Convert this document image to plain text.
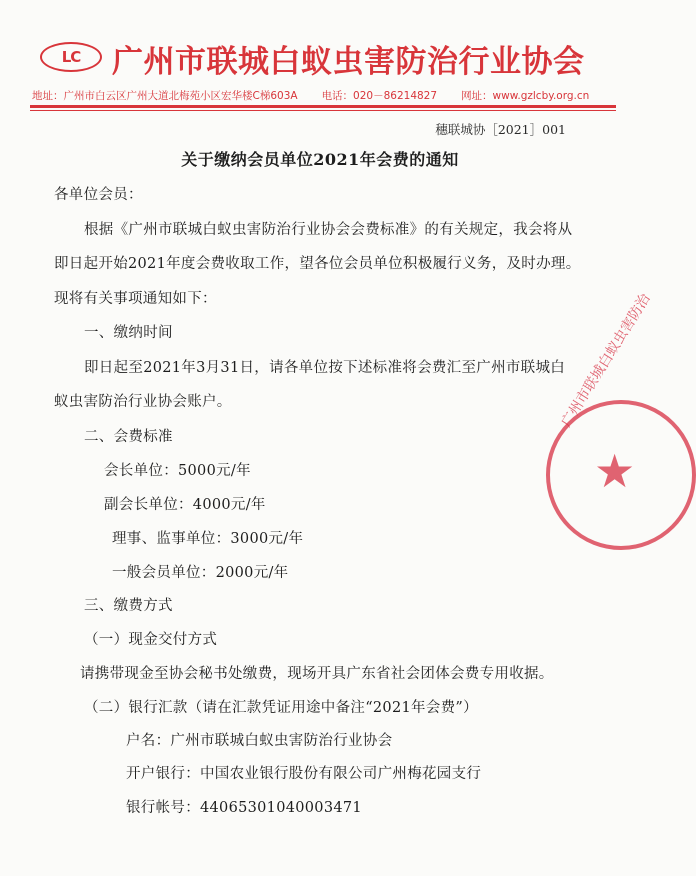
LC 广州市联城白蚁虫害防治行业协会
地址：广州市白云区广州大道北梅苑小区宏华楼C梯603A 电话：020－86214827 网址：www.gzlcby.org.cn
穗联城协［2021］001
关于缴纳会员单位2021年会费的通知
各单位会员：
根据《广州市联城白蚁虫害防治行业协会会费标准》的有关规定，我会将从
即日起开始2021年度会费收取工作，望各位会员单位积极履行义务，及时办理。
现将有关事项通知如下：
一、缴纳时间
即日起至2021年3月31日，请各单位按下述标准将会费汇至广州市联城白
蚁虫害防治行业协会账户。
二、会费标准
会长单位：5000元/年
副会长单位：4000元/年
理事、监事单位：3000元/年
一般会员单位：2000元/年
三、缴费方式
（一）现金交付方式
请携带现金至协会秘书处缴费，现场开具广东省社会团体会费专用收据。
（二）银行汇款（请在汇款凭证用途中备注“2021年会费”）
户名：广州市联城白蚁虫害防治行业协会
开户银行：中国农业银行股份有限公司广州梅花园支行
银行帐号：44065301040003471
★
广州市联城白蚁虫害防治
